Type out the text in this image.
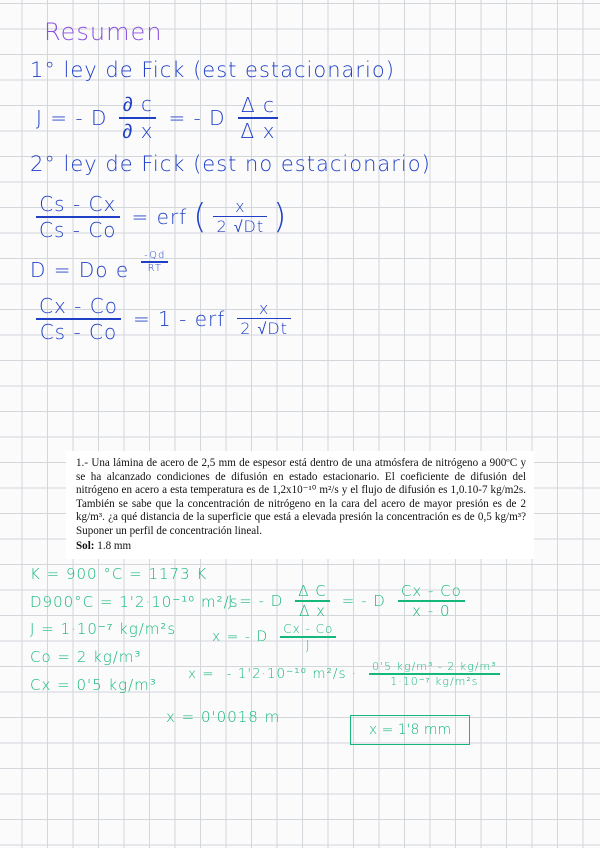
Resumen
1° ley de Fick (est estacionario)
J = - D $\frac{\partial c}{\partial x}$ = - D $\frac{\text{Δ c}}{\text{Δ x}}$
2° ley de Fick (est no estacionario)
$\frac{Cs - Cx}{Cs - Co}$ = erf ( $\frac{x}{2 √Dt}$ )
D = Do e $\frac{-Qd}{RT}$
$\frac{Cx - Co}{Cs - Co} = 1$ - erf $\frac{x}{2 √Dt}$
1.- Una lámina de acero de 2,5 mm de espesor está dentro de una atmósfera de nitrógeno a 900ºC y se ha alcanzado condiciones de difusión en estado estacionario. El coeficiente de difusión del nitrógeno en acero a esta temperatura es de 1,2x10⁻¹⁰ m²/s y el flujo de difusión es 1,0.10-7 kg/m2s. También se sabe que la concentración de nitrógeno en la cara del acero de mayor presión es de 2 kg/m³. ¿a qué distancia de la superficie que está a elevada presión la concentración es de 0,5 kg/m³? Suponer un perfil de concentración lineal.
Sol: 1.8 mm
K = 900 °C = 1173 K
D900°C = 1'2·10⁻¹⁰ m²/s
J = 1·10⁻⁷ kg/m²s
Co = 2 kg/m³
Cx = 0'5 kg/m³
J = - D $\frac{\text{Δ C}}{\text{Δ x}}$ = - D $\frac{Cx - Co}{x - 0}$
x = - D $\frac{Cx - Co}{J}$
x = - 1'2·10⁻¹⁰ $m^2/s \cdot \frac{\text{0'5 kg/m³ - 2 kg/m³}}{\text{1·10⁻⁷ kg/m²s}}$
x = 0'0018 m
x = 1'8 mm
